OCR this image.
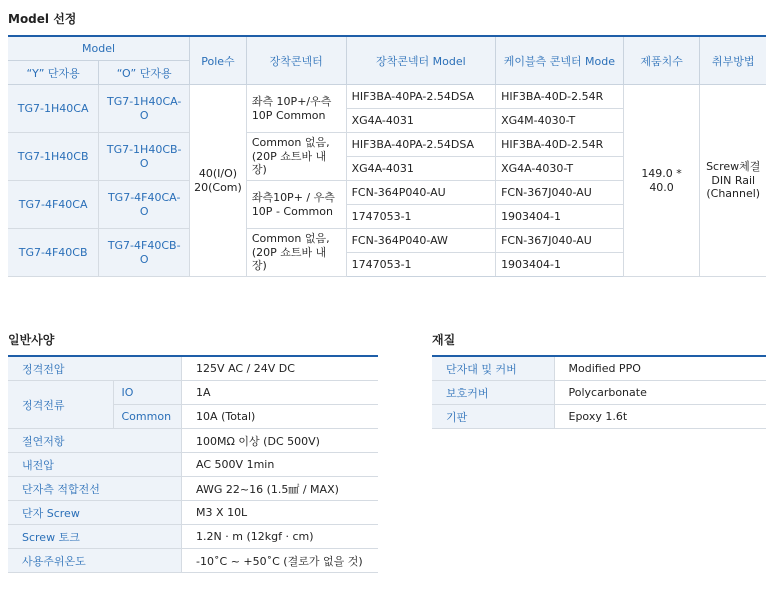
Model 선정
Model		Pole수	장착콘넥터	장착콘넥터 Model	케이블측 콘넥터 Mode	제품치수	취부방법
“Y” 단자용	“O” 단자용						
TG7-1H40CA	TG7-1H40CA-O	40(I/O) 20(Com)	좌측 10P+/우측10P Common	HIF3BA-40PA-2.54DSA	HIF3BA-40D-2.54R	149.0 * 40.0	Screw체결 DIN Rail (Channel)
				XG4A-4031	XG4M-4030-T		
TG7-1H40CB	TG7-1H40CB-O		Common 없음, (20P 쇼트바 내장)	HIF3BA-40PA-2.54DSA	HIF3BA-40D-2.54R		
				XG4A-4031	XG4A-4030-T		
TG7-4F40CA	TG7-4F40CA-O		좌측10P+ / 우측 10P - Common	FCN-364P040-AU	FCN-367J040-AU		
				1747053-1	1903404-1		
TG7-4F40CB	TG7-4F40CB-O		Common 없음, (20P 쇼트바 내장)	FCN-364P040-AW	FCN-367J040-AU		
				1747053-1	1903404-1		
일반사양
정격전압		125V AC / 24V DC
정격전류	IO	1A
	Common	10A (Total)
절연저항		100MΩ 이상 (DC 500V)
내전압		AC 500V 1min
단자측 적합전선		AWG 22~16 (1.5㎟ / MAX)
단자 Screw		M3 X 10L
Screw 토크		1.2N · m (12kgf · cm)
사용주위온도		-10˚C ~ +50˚C (결로가 없을 것)
재질
단자대 및 커버	Modified PPO
보호커버	Polycarbonate
기판	Epoxy 1.6t
